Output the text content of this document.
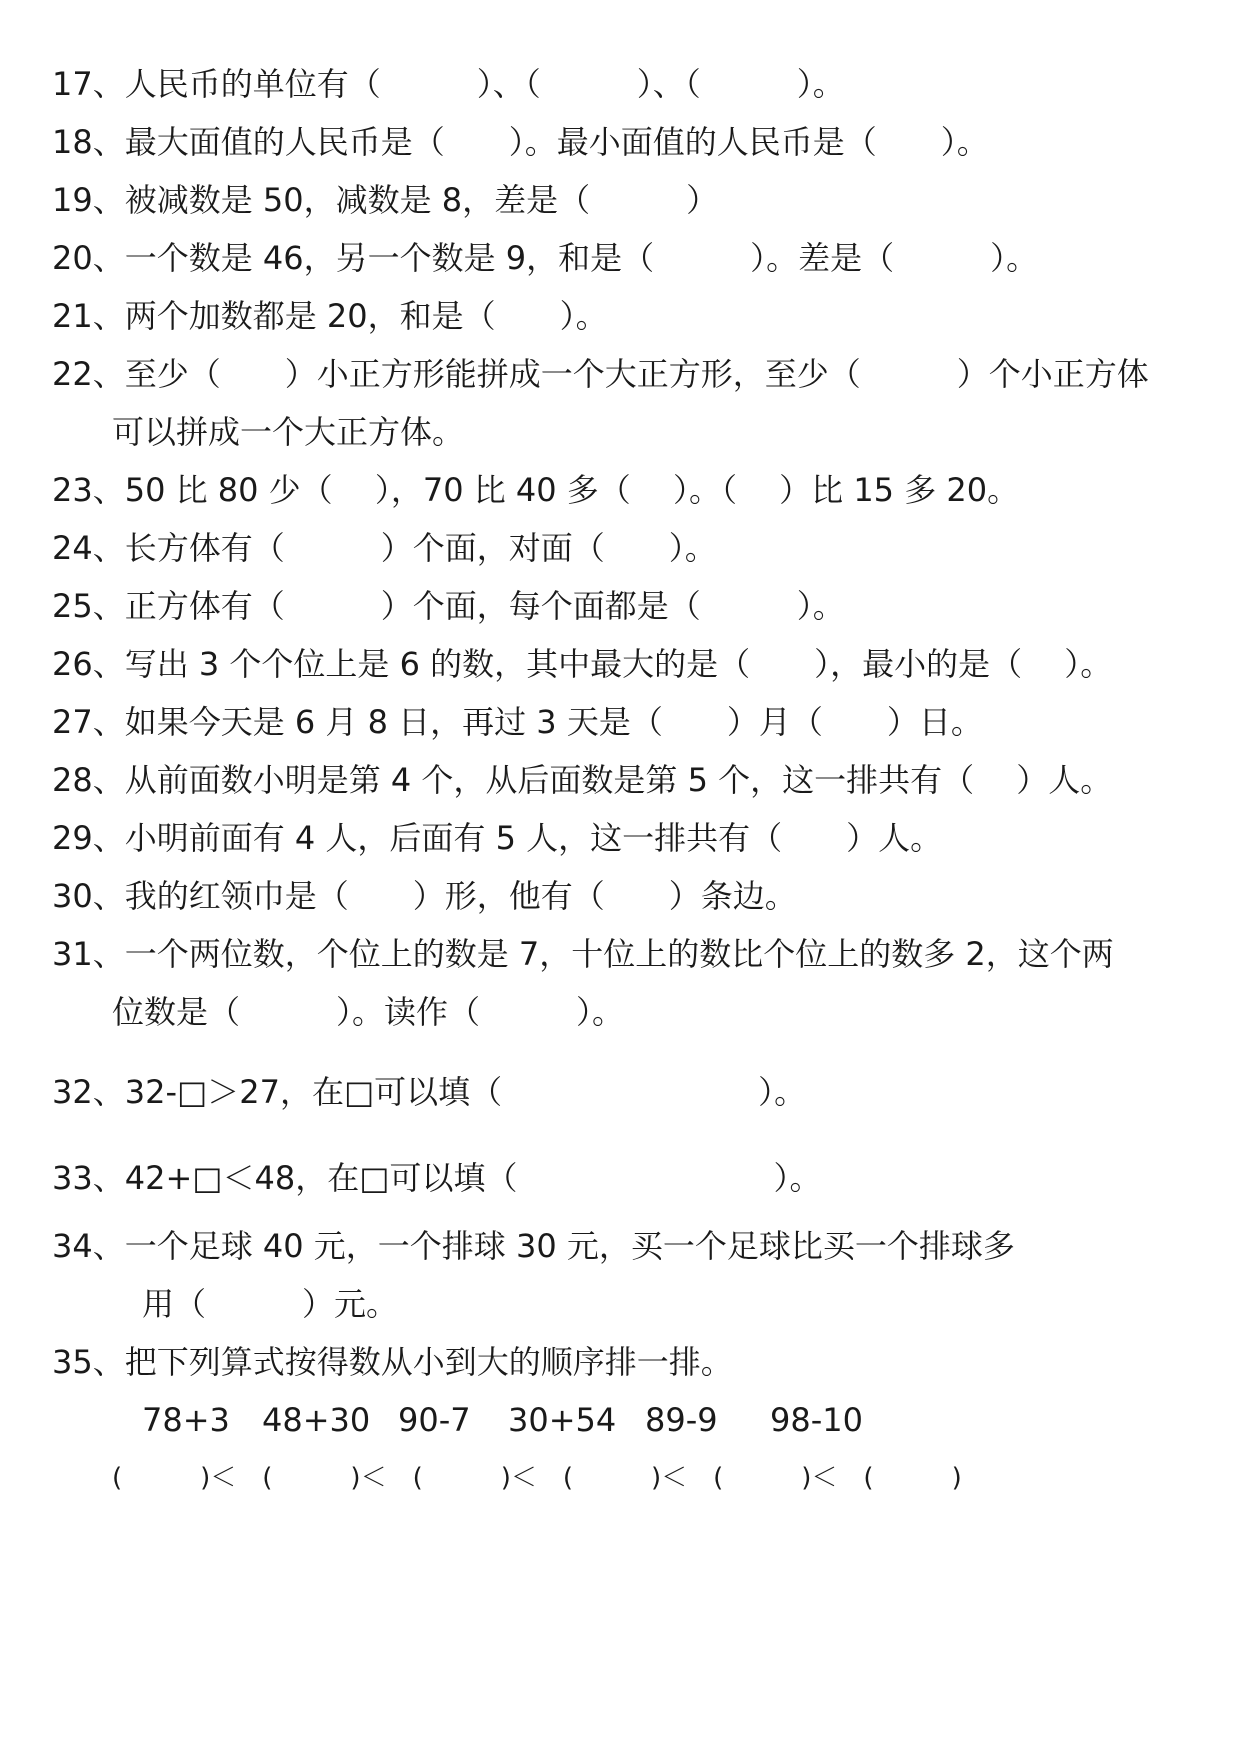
17、人民币的单位有（　　　）、（　　　）、（　　　）。
18、最大面值的人民币是（　　）。最小面值的人民币是（　　）。
19、被减数是 50，减数是 8，差是（　　　）
20、一个数是 46，另一个数是 9，和是（　　　）。差是（　　　）。
21、两个加数都是 20，和是（　　）。
22、至少（　　）小正方形能拼成一个大正方形，至少（　　　）个小正方体
可以拼成一个大正方体。
23、50 比 80 少（　 ），70 比 40 多（　 ）。（　 ）比 15 多 20。
24、长方体有（　　　）个面，对面（　　）。
25、正方体有（　　　）个面，每个面都是（　　　）。
26、写出 3 个个位上是 6 的数，其中最大的是（　　），最小的是（　 ）。
27、如果今天是 6 月 8 日，再过 3 天是（　　）月（　　）日。
28、从前面数小明是第 4 个，从后面数是第 5 个，这一排共有（　 ）人。
29、小明前面有 4 人，后面有 5 人，这一排共有（　　）人。
30、我的红领巾是（　　）形，他有（　　）条边。
31、一个两位数，个位上的数是 7，十位上的数比个位上的数多 2，这个两
位数是（　　　）。读作（　　　）。
32、32-□＞27，在□可以填（　　　　　　　　）。
33、42+□＜48，在□可以填（　　　　　　　　）。
34、一个足球 40 元，一个排球 30 元，买一个足球比买一个排球多
用（　　　）元。
35、把下列算式按得数从小到大的顺序排一排。
78+3 48+30 90-7 30+54 89-9 98-10
(　　　)＜　(　　　)＜　(　　　)＜　(　　　)＜　(　　　)＜　(　　　)
